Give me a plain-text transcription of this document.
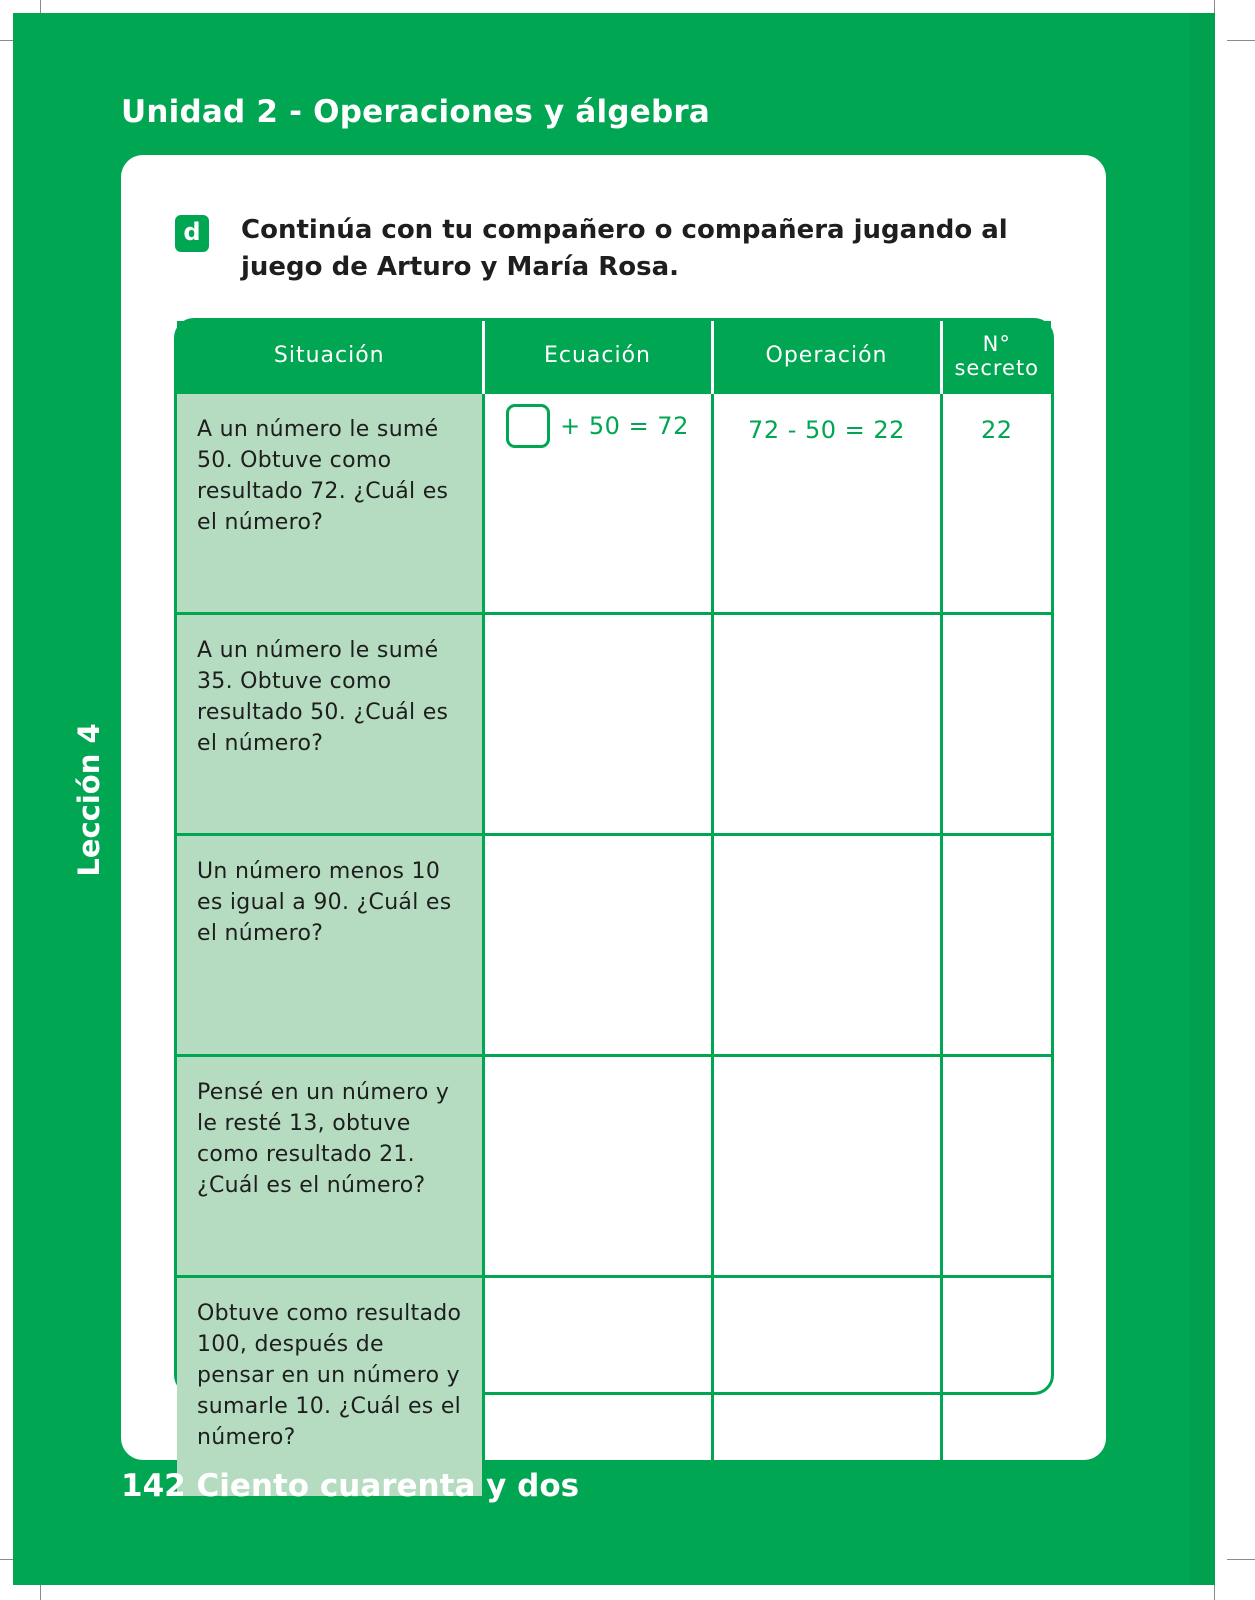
Unidad 2 - Operaciones y álgebra
Lección 4
d	Continúa con tu compañero o compañera jugando al juego de Arturo y María Rosa.
Situación	Ecuación	Operación	N°
secreto
A un número le sumé 50. Obtuve como resultado 72. ¿Cuál es el número?	+ 50 = 72	72 - 50 = 22	22

A un número le sumé 35. Obtuve como resultado 50. ¿Cuál es el número?			
Un número menos 10 es igual a 90. ¿Cuál es el número?			
Pensé en un número y le resté 13, obtuve como resultado 21. ¿Cuál es el número?			
Obtuve como resultado 100, después de pensar en un número y sumarle 10. ¿Cuál es el número?			
142 Ciento cuarenta y dos
